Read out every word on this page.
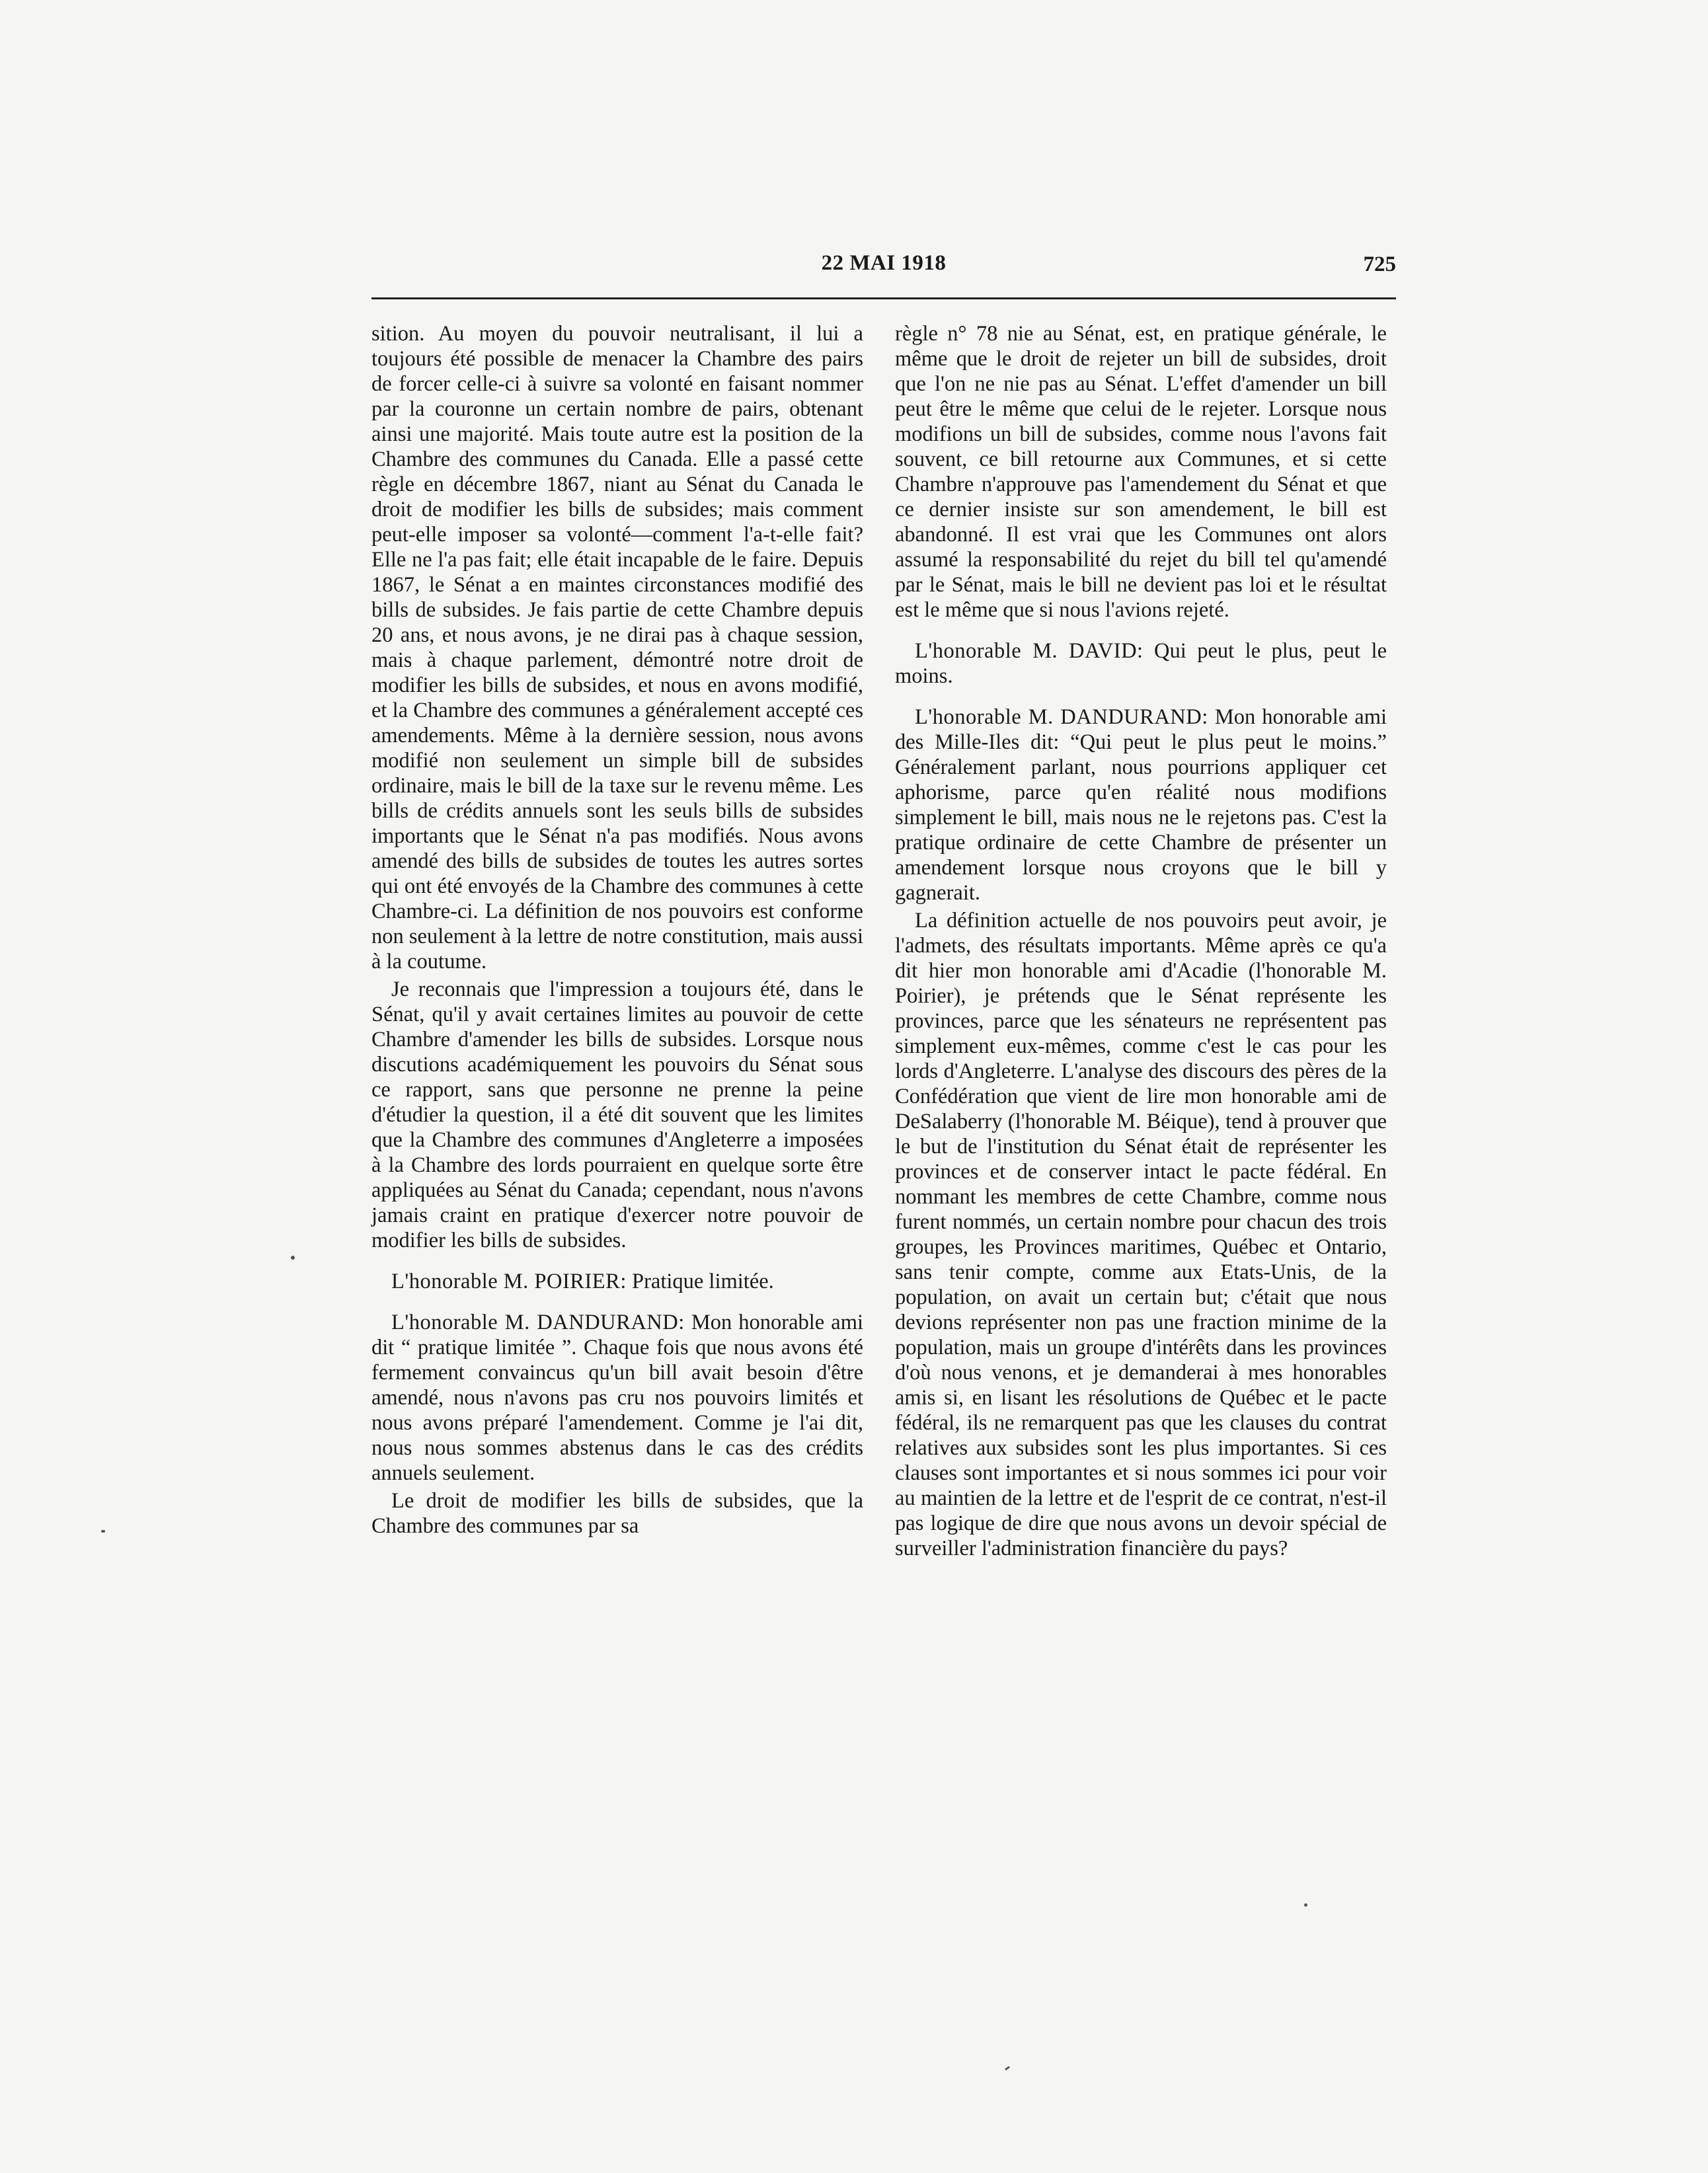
22 MAI 1918	725

sition. Au moyen du pouvoir neutralisant, il lui a toujours été possible de menacer la Chambre des pairs de forcer celle-ci à suivre sa volonté en faisant nommer par la couronne un certain nombre de pairs, obtenant ainsi une majorité. Mais toute autre est la position de la Chambre des communes du Canada. Elle a passé cette règle en décembre 1867, niant au Sénat du Canada le droit de modifier les bills de subsides; mais comment peut-elle imposer sa volonté—comment l'a-t-elle fait? Elle ne l'a pas fait; elle était incapable de le faire. Depuis 1867, le Sénat a en maintes circonstances modifié des bills de subsides. Je fais partie de cette Chambre depuis 20 ans, et nous avons, je ne dirai pas à chaque session, mais à chaque parlement, démontré notre droit de modifier les bills de subsides, et nous en avons modifié, et la Chambre des communes a généralement accepté ces amendements. Même à la dernière session, nous avons modifié non seulement un simple bill de subsides ordinaire, mais le bill de la taxe sur le revenu même. Les bills de crédits annuels sont les seuls bills de subsides importants que le Sénat n'a pas modifiés. Nous avons amendé des bills de subsides de toutes les autres sortes qui ont été envoyés de la Chambre des communes à cette Chambre-ci. La définition de nos pouvoirs est conforme non seulement à la lettre de notre constitution, mais aussi à la coutume.

Je reconnais que l'impression a toujours été, dans le Sénat, qu'il y avait certaines limites au pouvoir de cette Chambre d'amender les bills de subsides. Lorsque nous discutions académiquement les pouvoirs du Sénat sous ce rapport, sans que personne ne prenne la peine d'étudier la question, il a été dit souvent que les limites que la Chambre des communes d'Angleterre a imposées à la Chambre des lords pourraient en quelque sorte être appliquées au Sénat du Canada; cependant, nous n'avons jamais craint en pratique d'exercer notre pouvoir de modifier les bills de subsides.

L'honorable M. POIRIER: Pratique limitée.

L'honorable M. DANDURAND: Mon honorable ami dit “ pratique limitée ”. Chaque fois que nous avons été fermement convaincus qu'un bill avait besoin d'être amendé, nous n'avons pas cru nos pouvoirs limités et nous avons préparé l'amendement. Comme je l'ai dit, nous nous sommes abstenus dans le cas des crédits annuels seulement.

Le droit de modifier les bills de subsides, que la Chambre des communes par sa

règle n° 78 nie au Sénat, est, en pratique générale, le même que le droit de rejeter un bill de subsides, droit que l'on ne nie pas au Sénat. L'effet d'amender un bill peut être le même que celui de le rejeter. Lorsque nous modifions un bill de subsides, comme nous l'avons fait souvent, ce bill retourne aux Communes, et si cette Chambre n'approuve pas l'amendement du Sénat et que ce dernier insiste sur son amendement, le bill est abandonné. Il est vrai que les Communes ont alors assumé la responsabilité du rejet du bill tel qu'amendé par le Sénat, mais le bill ne devient pas loi et le résultat est le même que si nous l'avions rejeté.

L'honorable M. DAVID: Qui peut le plus, peut le moins.

L'honorable M. DANDURAND: Mon honorable ami des Mille-Iles dit: “Qui peut le plus peut le moins.” Généralement parlant, nous pourrions appliquer cet aphorisme, parce qu'en réalité nous modifions simplement le bill, mais nous ne le rejetons pas. C'est la pratique ordinaire de cette Chambre de présenter un amendement lorsque nous croyons que le bill y gagnerait.

La définition actuelle de nos pouvoirs peut avoir, je l'admets, des résultats importants. Même après ce qu'a dit hier mon honorable ami d'Acadie (l'honorable M. Poirier), je prétends que le Sénat représente les provinces, parce que les sénateurs ne représentent pas simplement eux-mêmes, comme c'est le cas pour les lords d'Angleterre. L'analyse des discours des pères de la Confédération que vient de lire mon honorable ami de DeSalaberry (l'honorable M. Béique), tend à prouver que le but de l'institution du Sénat était de représenter les provinces et de conserver intact le pacte fédéral. En nommant les membres de cette Chambre, comme nous furent nommés, un certain nombre pour chacun des trois groupes, les Provinces maritimes, Québec et Ontario, sans tenir compte, comme aux Etats-Unis, de la population, on avait un certain but; c'était que nous devions représenter non pas une fraction minime de la population, mais un groupe d'intérêts dans les provinces d'où nous venons, et je demanderai à mes honorables amis si, en lisant les résolutions de Québec et le pacte fédéral, ils ne remarquent pas que les clauses du contrat relatives aux subsides sont les plus importantes. Si ces clauses sont importantes et si nous sommes ici pour voir au maintien de la lettre et de l'esprit de ce contrat, n'est-il pas logique de dire que nous avons un devoir spécial de surveiller l'administration financière du pays?
